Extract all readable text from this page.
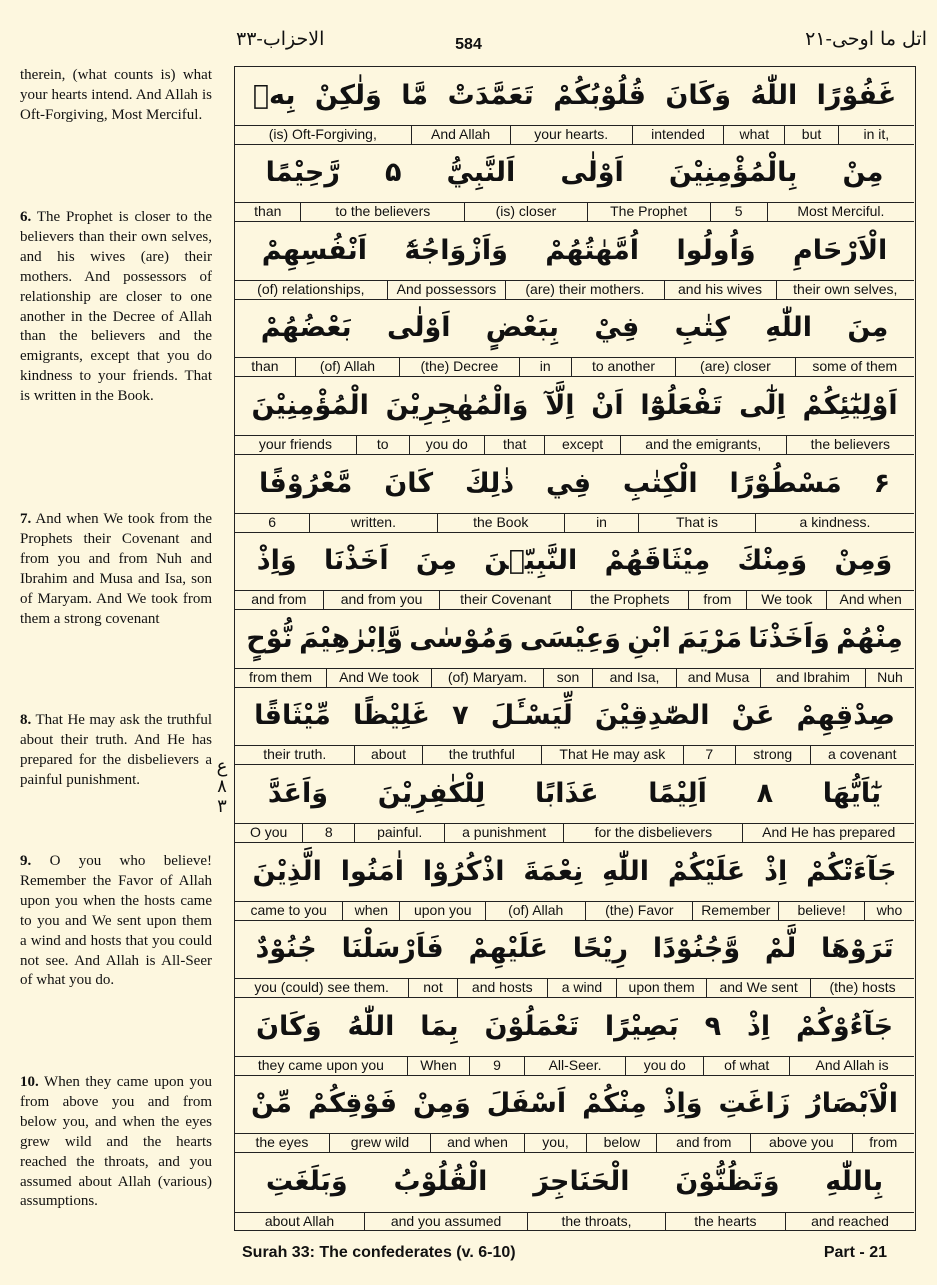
584
الاحزاب-٣٣	اتل ما اوحی-٢١
therein, (what counts is) what your hearts intend. And Allah is Oft-Forgiving, Most Merciful.
6. The Prophet is closer to the believers than their own selves, and his wives (are) their mothers. And possessors of relationship are closer to one another in the Decree of Allah than the believers and the emigrants, except that you do kindness to your friends. That is written in the Book.
7. And when We took from the Prophets their Covenant and from you and from Nuh and Ibrahim and Musa and Isa, son of Maryam. And We took from them a strong covenant
8. That He may ask the truthful about their truth. And He has prepared for the disbelievers a painful punishment.
9. O you who believe! Remember the Favor of Allah upon you when the hosts came to you and We sent upon them a wind and hosts that you could not see. And Allah is All-Seer of what you do.
10. When they came upon you from above you and from below you, and when the eyes grew wild and the hearts reached the throats, and you assumed about Allah (various) assumptions.
ع ٨ ٣
بِهٖ وَلٰكِنْ مَّا تَعَمَّدَتْ قُلُوْبُكُمْ وَكَانَ اللّٰهُ غَفُوْرًا
in it,
but
what
intended
your hearts.
And Allah
(is) Oft-Forgiving,
رَّحِيْمًا ۵ اَلنَّبِيُّ اَوْلٰى بِالْمُؤْمِنِيْنَ مِنْ
Most Merciful.
5
The Prophet
(is) closer
to the believers
than
اَنْفُسِهِمْ وَاَزْوَاجُهٗٓ اُمَّهٰتُهُمْ وَاُولُوا الْاَرْحَامِ
their own selves,
and his wives
(are) their mothers.
And possessors
(of) relationships,
بَعْضُهُمْ اَوْلٰى بِبَعْضٍ فِيْ كِتٰبِ اللّٰهِ مِنَ
some of them
(are) closer
to another
in
(the) Decree
(of) Allah
than
الْمُؤْمِنِيْنَ وَالْمُهٰجِرِيْنَ اِلَّآ اَنْ تَفْعَلُوْٓا اِلٰٓى اَوْلِيٰٓئِكُمْ
the believers
and the emigrants,
except
that
you do
to
your friends
مَّعْرُوْفًا كَانَ ذٰلِكَ فِي الْكِتٰبِ مَسْطُوْرًا ۶
a kindness.
That is
in
the Book
written.
6
وَاِذْ اَخَذْنَا مِنَ النَّبِيّٖنَ مِيْثَاقَهُمْ وَمِنْكَ وَمِنْ
And when
We took
from
the Prophets
their Covenant
and from you
and from
نُّوْحٍ وَّاِبْرٰهِيْمَ وَمُوْسٰى وَعِيْسَى ابْنِ مَرْيَمَ وَاَخَذْنَا مِنْهُمْ
Nuh
and Ibrahim
and Musa
and Isa,
son
(of) Maryam.
And We took
from them
مِّيْثَاقًا غَلِيْظًا ۷ لِّيَسْـَٔلَ الصّٰدِقِيْنَ عَنْ صِدْقِهِمْ
a covenant
strong
7
That He may ask
the truthful
about
their truth.
وَاَعَدَّ لِلْكٰفِرِيْنَ عَذَابًا اَلِيْمًا ۸ يٰٓاَيُّهَا
And He has prepared
for the disbelievers
a punishment
painful.
8
O you
الَّذِيْنَ اٰمَنُوا اذْكُرُوْا نِعْمَةَ اللّٰهِ عَلَيْكُمْ اِذْ جَآءَتْكُمْ
who
believe!
Remember
(the) Favor
(of) Allah
upon you
when
came to you
جُنُوْدٌ فَاَرْسَلْنَا عَلَيْهِمْ رِيْحًا وَّجُنُوْدًا لَّمْ تَرَوْهَا
(the) hosts
and We sent
upon them
a wind
and hosts
not
you (could) see them.
وَكَانَ اللّٰهُ بِمَا تَعْمَلُوْنَ بَصِيْرًا ۹ اِذْ جَآءُوْكُمْ
And Allah is
of what
you do
All-Seer.
9
When
they came upon you
مِّنْ فَوْقِكُمْ وَمِنْ اَسْفَلَ مِنْكُمْ وَاِذْ زَاغَتِ الْاَبْصَارُ
from
above you
and from
below
you,
and when
grew wild
the eyes
وَبَلَغَتِ الْقُلُوْبُ الْحَنَاجِرَ وَتَظُنُّوْنَ بِاللّٰهِ
and reached
the hearts
the throats,
and you assumed
about Allah
Surah 33: The confederates (v. 6-10)	Part - 21
